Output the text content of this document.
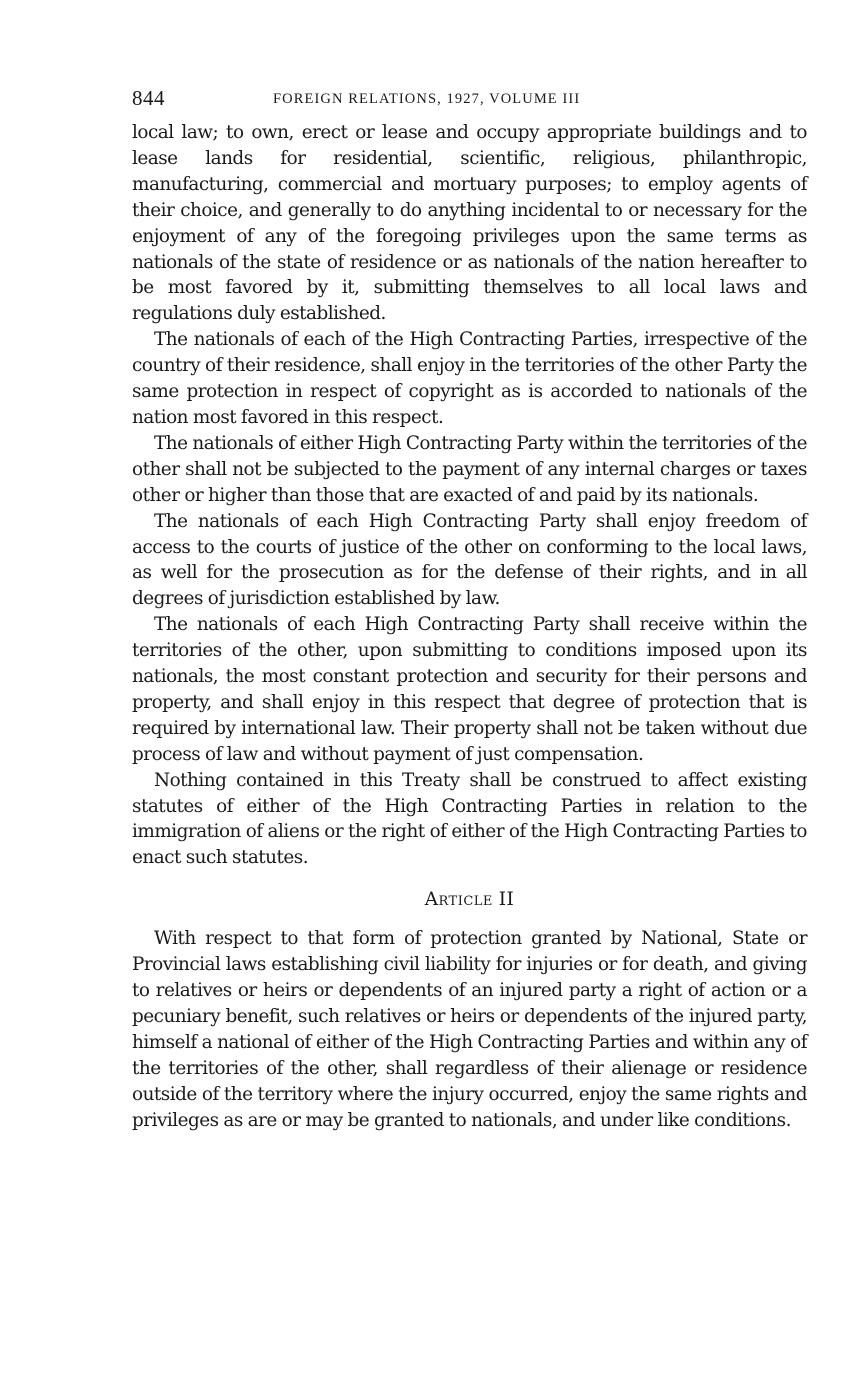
844	FOREIGN RELATIONS, 1927, VOLUME III

local law; to own, erect or lease and occupy appropriate buildings and to lease lands for residential, scientific, religious, philanthropic, manufacturing, commercial and mortuary purposes; to employ agents of their choice, and generally to do anything incidental to or necessary for the enjoyment of any of the foregoing privileges upon the same terms as nationals of the state of residence or as nationals of the nation hereafter to be most favored by it, submitting themselves to all local laws and regulations duly established.

The nationals of each of the High Contracting Parties, irrespective of the country of their residence, shall enjoy in the territories of the other Party the same protection in respect of copyright as is accorded to nationals of the nation most favored in this respect.

The nationals of either High Contracting Party within the territories of the other shall not be subjected to the payment of any internal charges or taxes other or higher than those that are exacted of and paid by its nationals.

The nationals of each High Contracting Party shall enjoy freedom of access to the courts of justice of the other on conforming to the local laws, as well for the prosecution as for the defense of their rights, and in all degrees of jurisdiction established by law.

The nationals of each High Contracting Party shall receive within the territories of the other, upon submitting to conditions imposed upon its nationals, the most constant protection and security for their persons and property, and shall enjoy in this respect that degree of protection that is required by international law. Their property shall not be taken without due process of law and without payment of just compensation.

Nothing contained in this Treaty shall be construed to affect existing statutes of either of the High Contracting Parties in relation to the immigration of aliens or the right of either of the High Contracting Parties to enact such statutes.

Article II

With respect to that form of protection granted by National, State or Provincial laws establishing civil liability for injuries or for death, and giving to relatives or heirs or dependents of an injured party a right of action or a pecuniary benefit, such relatives or heirs or dependents of the injured party, himself a national of either of the High Contracting Parties and within any of the territories of the other, shall regardless of their alienage or residence outside of the territory where the injury occurred, enjoy the same rights and privileges as are or may be granted to nationals, and under like conditions.
